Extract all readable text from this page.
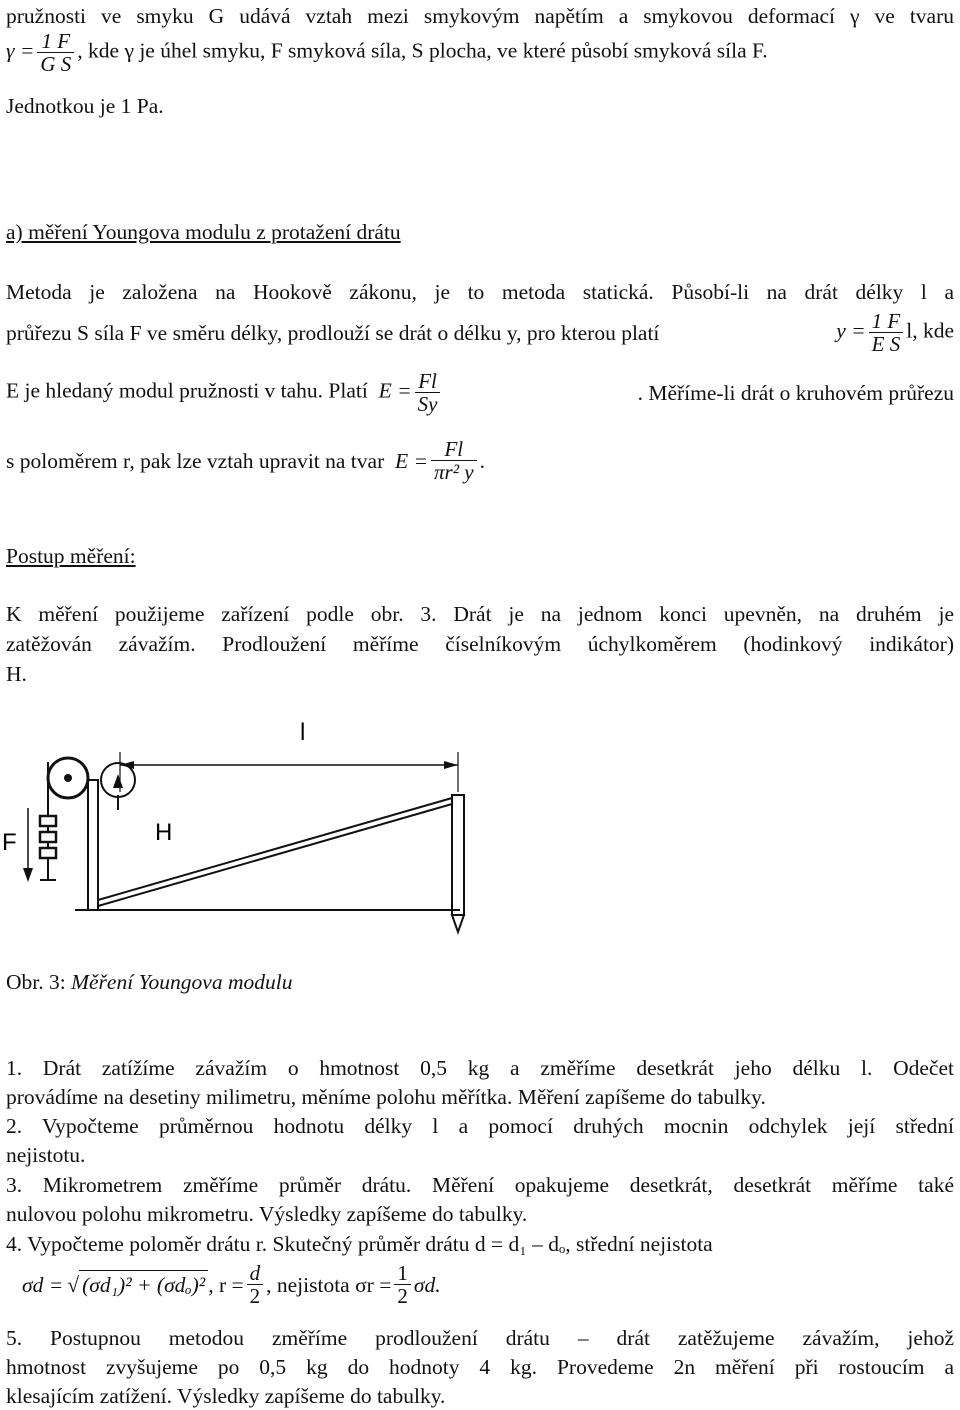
pružnosti ve smyku G udává vztah mezi smykovým napětím a smykovou deformací γ ve tvaru
$\gamma = \frac{1 F}{\text{G S}}$ , kde γ je úhel smyku, F smyková síla, S plocha, ve které působí smyková síla F.
Jednotkou je 1 Pa.
a) měření Youngova modulu z protažení drátu
Metoda je založena na Hookově zákonu, je to metoda statická. Působí-li na drát délky l a
průřezu S síla F ve směru délky, prodlouží se drát o délku y, pro kterou platí	$y = \frac{1 F}{\text{E S}} l$, kde
E je hledaný modul pružnosti v tahu. Platí $E = \frac{Fl}{Sy}$	. Měříme-li drát o kruhovém průřezu
s poloměrem r, pak lze vztah upravit na tvar
$E = \frac{Fl}{\text{πr² y}}$ .
Postup měření:
K měření použijeme zařízení podle obr. 3. Drát je na jednom konci upevněn, na druhém je
zatěžován závažím. Prodloužení měříme číselníkovým úchylkoměrem (hodinkový indikátor)
H.
l
H
F
Obr. 3: Měření Youngova modulu
1. Drát zatížíme závažím o hmotnost 0,5 kg a změříme desetkrát jeho délku l. Odečet
provádíme na desetiny milimetru, měníme polohu měřítka. Měření zapíšeme do tabulky.
2. Vypočteme průměrnou hodnotu délky l a pomocí druhých mocnin odchylek její střední
nejistotu.
3. Mikrometrem změříme průměr drátu. Měření opakujeme desetkrát, desetkrát měříme také
nulovou polohu mikrometru. Výsledky zapíšeme do tabulky.
4. Vypočteme poloměr drátu r. Skutečný průměr drátu d = d₁ – dₒ, střední nejistota
σd = √ (σd₁)² + (σdₒ)² , $r = \frac{d}{2}$ , nejistota $\sigma r = \frac{1}{2} \sigma d$.
5. Postupnou metodou změříme prodloužení drátu – drát zatěžujeme závažím, jehož
hmotnost zvyšujeme po 0,5 kg do hodnoty 4 kg. Provedeme 2n měření při rostoucím a
klesajícím zatížení. Výsledky zapíšeme do tabulky.
